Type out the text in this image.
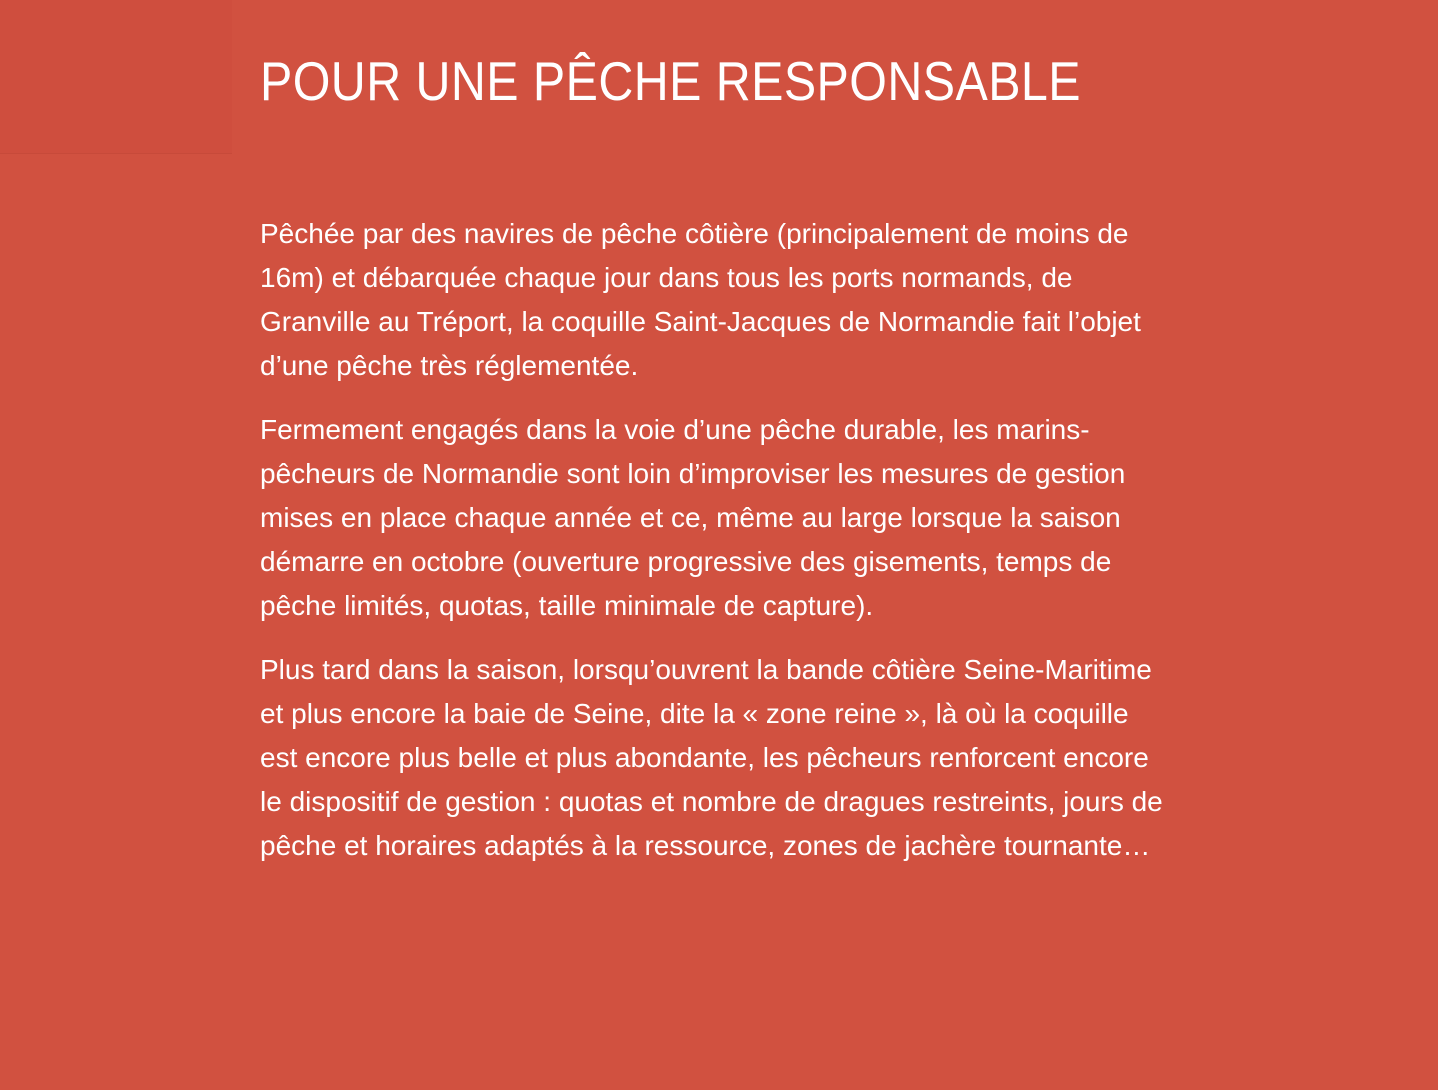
POUR UNE PÊCHE RESPONSABLE

Pêchée par des navires de pêche côtière (principalement de moins de 16m) et débarquée chaque jour dans tous les ports normands, de Granville au Tréport, la coquille Saint-Jacques de Normandie fait l’objet d’une pêche très réglementée.

Fermement engagés dans la voie d’une pêche durable, les marins-pêcheurs de Normandie sont loin d’improviser les mesures de gestion mises en place chaque année et ce, même au large lorsque la saison démarre en octobre (ouverture progressive des gisements, temps de pêche limités, quotas, taille minimale de capture).

Plus tard dans la saison, lorsqu’ouvrent la bande côtière Seine-Maritime et plus encore la baie de Seine, dite la « zone reine », là où la coquille est encore plus belle et plus abondante, les pêcheurs renforcent encore le dispositif de gestion : quotas et nombre de dragues restreints, jours de pêche et horaires adaptés à la ressource, zones de jachère tournante…
